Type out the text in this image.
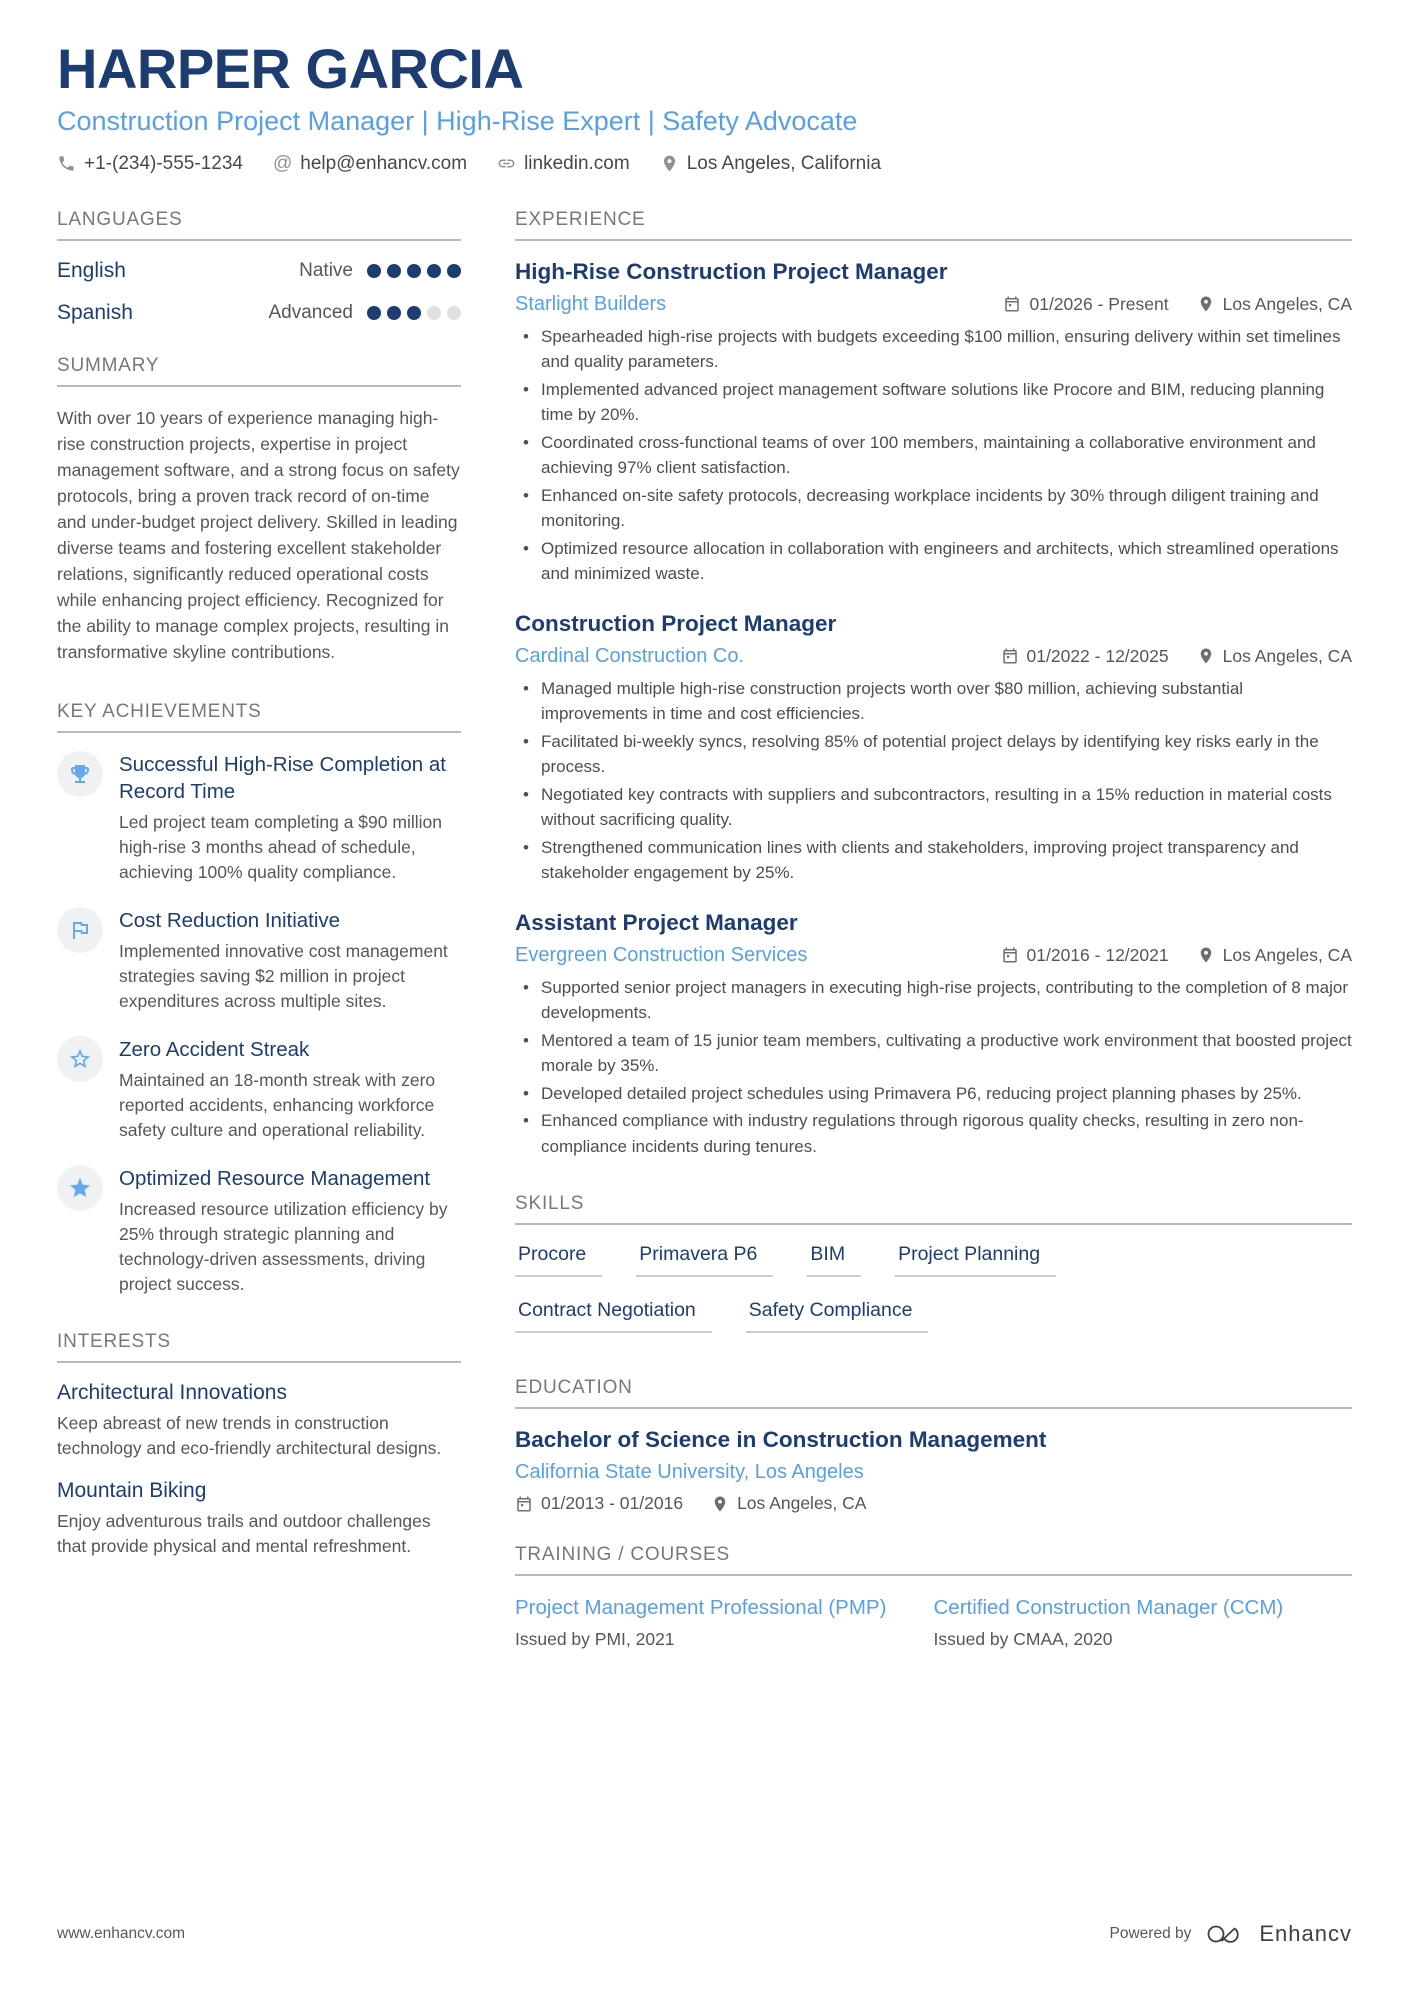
HARPER GARCIA
Construction Project Manager | High-Rise Expert | Safety Advocate
+1-(234)-555-1234 @ help@enhancv.com	linkedin.com	Los Angeles, California
LANGUAGES
English	Native
Spanish	Advanced
SUMMARY
With over 10 years of experience managing high-rise construction projects, expertise in project management software, and a strong focus on safety protocols, bring a proven track record of on-time and under-budget project delivery. Skilled in leading diverse teams and fostering excellent stakeholder relations, significantly reduced operational costs while enhancing project efficiency. Recognized for the ability to manage complex projects, resulting in transformative skyline contributions.
KEY ACHIEVEMENTS
Successful High-Rise Completion at Record Time
Led project team completing a $90 million high-rise 3 months ahead of schedule, achieving 100% quality compliance.
Cost Reduction Initiative
Implemented innovative cost management strategies saving $2 million in project expenditures across multiple sites.
Zero Accident Streak
Maintained an 18-month streak with zero reported accidents, enhancing workforce safety culture and operational reliability.
Optimized Resource Management
Increased resource utilization efficiency by 25% through strategic planning and technology-driven assessments, driving project success.
INTERESTS
Architectural Innovations
Keep abreast of new trends in construction technology and eco-friendly architectural designs.
Mountain Biking
Enjoy adventurous trails and outdoor challenges that provide physical and mental refreshment.
EXPERIENCE
High-Rise Construction Project Manager
Starlight Builders	01/2026 - Present	Los Angeles, CA
• Spearheaded high-rise projects with budgets exceeding $100 million, ensuring delivery within set timelines and quality parameters.
• Implemented advanced project management software solutions like Procore and BIM, reducing planning time by 20%.
• Coordinated cross-functional teams of over 100 members, maintaining a collaborative environment and achieving 97% client satisfaction.
• Enhanced on-site safety protocols, decreasing workplace incidents by 30% through diligent training and monitoring.
• Optimized resource allocation in collaboration with engineers and architects, which streamlined operations and minimized waste.
Construction Project Manager
Cardinal Construction Co.	01/2022 - 12/2025	Los Angeles, CA
• Managed multiple high-rise construction projects worth over $80 million, achieving substantial improvements in time and cost efficiencies.
• Facilitated bi-weekly syncs, resolving 85% of potential project delays by identifying key risks early in the process.
• Negotiated key contracts with suppliers and subcontractors, resulting in a 15% reduction in material costs without sacrificing quality.
• Strengthened communication lines with clients and stakeholders, improving project transparency and stakeholder engagement by 25%.
Assistant Project Manager
Evergreen Construction Services	01/2016 - 12/2021	Los Angeles, CA
• Supported senior project managers in executing high-rise projects, contributing to the completion of 8 major developments.
• Mentored a team of 15 junior team members, cultivating a productive work environment that boosted project morale by 35%.
• Developed detailed project schedules using Primavera P6, reducing project planning phases by 25%.
• Enhanced compliance with industry regulations through rigorous quality checks, resulting in zero non-compliance incidents during tenures.
SKILLS
Procore	Primavera P6	BIM	Project Planning
Contract Negotiation	Safety Compliance
EDUCATION
Bachelor of Science in Construction Management
California State University, Los Angeles
01/2013 - 01/2016	Los Angeles, CA
TRAINING / COURSES
Project Management Professional (PMP)
Issued by PMI, 2021
Certified Construction Manager (CCM)
Issued by CMAA, 2020
www.enhancv.com	Powered by	Enhancv
